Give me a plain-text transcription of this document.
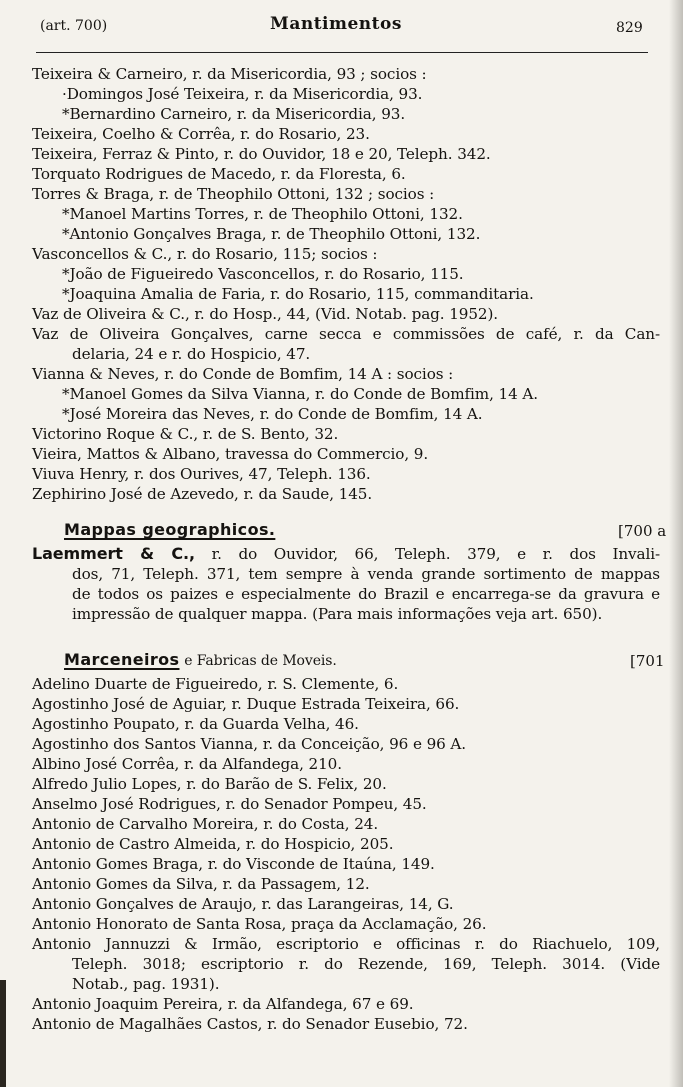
(art. 700)	Mantimentos	829
Teixeira & Carneiro, r. da Misericordia, 93 ; socios :
·Domingos José Teixeira, r. da Misericordia, 93.
*Bernardino Carneiro, r. da Misericordia, 93.
Teixeira, Coelho & Corrêa, r. do Rosario, 23.
Teixeira, Ferraz & Pinto, r. do Ouvidor, 18 e 20, Teleph. 342.
Torquato Rodrigues de Macedo, r. da Floresta, 6.
Torres & Braga, r. de Theophilo Ottoni, 132 ; socios :
*Manoel Martins Torres, r. de Theophilo Ottoni, 132.
*Antonio Gonçalves Braga, r. de Theophilo Ottoni, 132.
Vasconcellos & C., r. do Rosario, 115; socios :
*João de Figueiredo Vasconcellos, r. do Rosario, 115.
*Joaquina Amalia de Faria, r. do Rosario, 115, commanditaria.
Vaz de Oliveira & C., r. do Hosp., 44, (Vid. Notab. pag. 1952).
Vaz de Oliveira Gonçalves, carne secca e commissões de café, r. da Can-
delaria, 24 e r. do Hospicio, 47.
Vianna & Neves, r. do Conde de Bomfim, 14 A : socios :
*Manoel Gomes da Silva Vianna, r. do Conde de Bomfim, 14 A.
*José Moreira das Neves, r. do Conde de Bomfim, 14 A.
Victorino Roque & C., r. de S. Bento, 32.
Vieira, Mattos & Albano, travessa do Commercio, 9.
Viuva Henry, r. dos Ourives, 47, Teleph. 136.
Zephirino José de Azevedo, r. da Saude, 145.
Mappas geographicos.	[700 a
Laemmert & C., r. do Ouvidor, 66, Teleph. 379, e r. dos Invali-
dos, 71, Teleph. 371, tem sempre à venda grande sortimento de mappas
de todos os paizes e especialmente do Brazil e encarrega-se da gravura e
impressão de qualquer mappa. (Para mais informações veja art. 650).
Marceneiros e Fabricas de Moveis.	[701
Adelino Duarte de Figueiredo, r. S. Clemente, 6.
Agostinho José de Aguiar, r. Duque Estrada Teixeira, 66.
Agostinho Poupato, r. da Guarda Velha, 46.
Agostinho dos Santos Vianna, r. da Conceição, 96 e 96 A.
Albino José Corrêa, r. da Alfandega, 210.
Alfredo Julio Lopes, r. do Barão de S. Felix, 20.
Anselmo José Rodrigues, r. do Senador Pompeu, 45.
Antonio de Carvalho Moreira, r. do Costa, 24.
Antonio de Castro Almeida, r. do Hospicio, 205.
Antonio Gomes Braga, r. do Visconde de Itaúna, 149.
Antonio Gomes da Silva, r. da Passagem, 12.
Antonio Gonçalves de Araujo, r. das Larangeiras, 14, G.
Antonio Honorato de Santa Rosa, praça da Acclamação, 26.
Antonio Jannuzzi & Irmão, escriptorio e officinas r. do Riachuelo, 109,
Teleph. 3018; escriptorio r. do Rezende, 169, Teleph. 3014. (Vide
Notab., pag. 1931).
Antonio Joaquim Pereira, r. da Alfandega, 67 e 69.
Antonio de Magalhães Castos, r. do Senador Eusebio, 72.
